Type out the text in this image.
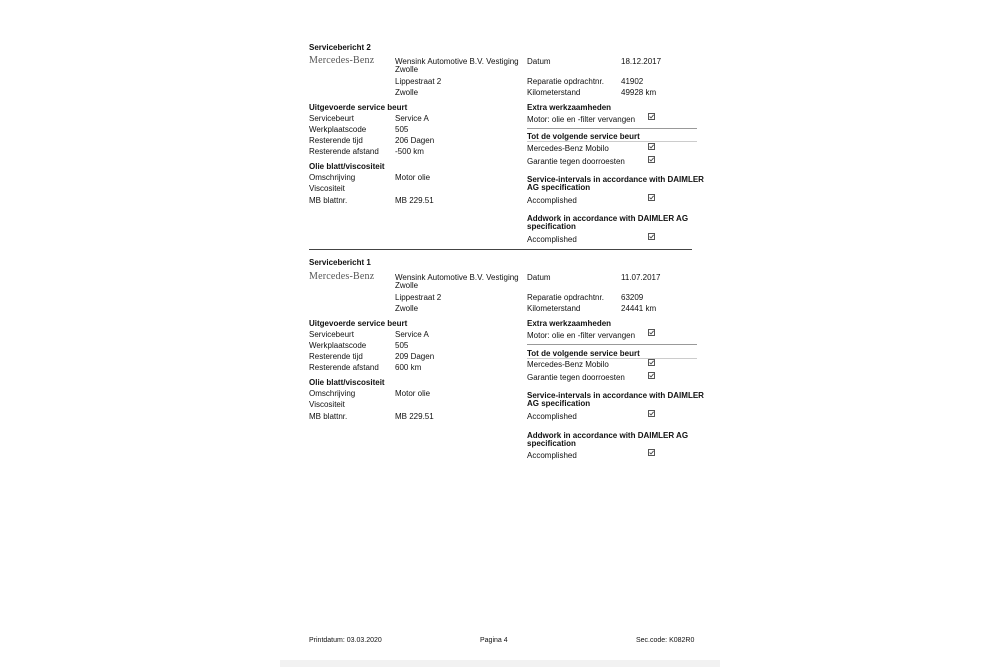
Servicebericht 2
Mercedes-Benz	Wensink Automotive B.V. Vestiging
Zwolle
Lippestraat 2
Zwolle
Datum	18.12.2017
Reparatie opdrachtnr. 41902
Kilometerstand	49928 km
Uitgevoerde service beurt
Servicebeurt	Service A
Werkplaatscode	505
Resterende tijd	206 Dagen
Resterende afstand -500 km
Olie blatt/viscositeit
Omschrijving	Motor olie
Viscositeit
MB blattnr.	MB 229.51
Extra werkzaamheden
Motor: olie en -filter vervangen
Tot de volgende service beurt
Mercedes-Benz Mobilo
Garantie tegen doorroesten
Service-intervals in accordance with DAIMLER
AG specification
Accomplished
Addwork in accordance with DAIMLER AG
specification
Accomplished
Servicebericht 1
Mercedes-Benz	Wensink Automotive B.V. Vestiging
Zwolle
Lippestraat 2
Zwolle
Datum	11.07.2017
Reparatie opdrachtnr. 63209
Kilometerstand	24441 km
Uitgevoerde service beurt
Servicebeurt	Service A
Werkplaatscode	505
Resterende tijd	209 Dagen
Resterende afstand 600 km
Olie blatt/viscositeit
Omschrijving	Motor olie
Viscositeit
MB blattnr.	MB 229.51
Extra werkzaamheden
Motor: olie en -filter vervangen
Tot de volgende service beurt
Mercedes-Benz Mobilo
Garantie tegen doorroesten
Service-intervals in accordance with DAIMLER
AG specification
Accomplished
Addwork in accordance with DAIMLER AG
specification
Accomplished
Printdatum: 03.03.2020	Pagina 4	Sec.code: K082R0
